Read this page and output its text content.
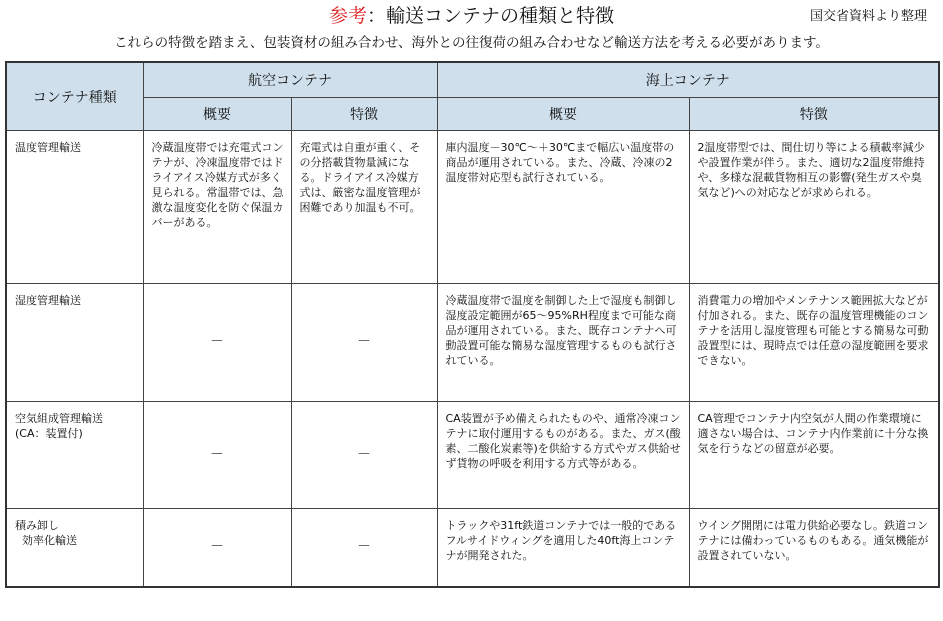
参考：輸送コンテナの種類と特徴	国交省資料より整理
これらの特徴を踏まえ、包装資材の組み合わせ、海外との往復荷の組み合わせなど輸送方法を考える必要があります。
コンテナ種類	航空コンテナ		海上コンテナ	
	概要	特徴	概要	特徴

温度管理輸送	冷蔵温度帯では充電式コンテナが、冷凍温度帯ではドライアイス冷媒方式が多く見られる。常温帯では、急激な温度変化を防ぐ保温カバーがある。	充電式は自重が重く、その分搭載貨物量減になる。ドライアイス冷媒方式は、厳密な温度管理が困難であり加温も不可。	庫内温度－30℃～＋30℃まで幅広い温度帯の商品が運用されている。また、冷蔵、冷凍の2温度帯対応型も試行されている。	2温度帯型では、間仕切り等による積載率減少や設置作業が伴う。また、適切な2温度帯維持や、多様な混載貨物相互の影響(発生ガスや臭気など)への対応などが求められる。

湿度管理輸送	－	－	冷蔵温度帯で温度を制御した上で湿度も制御し湿度設定範囲が65～95%RH程度まで可能な商品が運用されている。また、既存コンテナへ可動設置可能な簡易な湿度管理するものも試行されている。	消費電力の増加やメンテナンス範囲拡大などが付加される。また、既存の温度管理機能のコンテナを活用し湿度管理も可能とする簡易な可動設置型には、現時点では任意の湿度範囲を要求できない。

空気組成管理輸送
(CA：装置付)	－	－	CA装置が予め備えられたものや、通常冷凍コンテナに取付運用するものがある。また、ガス(酸素、二酸化炭素等)を供給する方式やガス供給せず貨物の呼吸を利用する方式等がある。	CA管理でコンテナ内空気が人間の作業環境に適さない場合は、コンテナ内作業前に十分な換気を行うなどの留意が必要。

積み卸し
効率化輸送	－	－	トラックや31ft鉄道コンテナでは一般的であるフルサイドウィングを適用した40ft海上コンテナが開発された。	ウイング開閉には電力供給必要なし。鉄道コンテナには備わっているものもある。通気機能が設置されていない。
